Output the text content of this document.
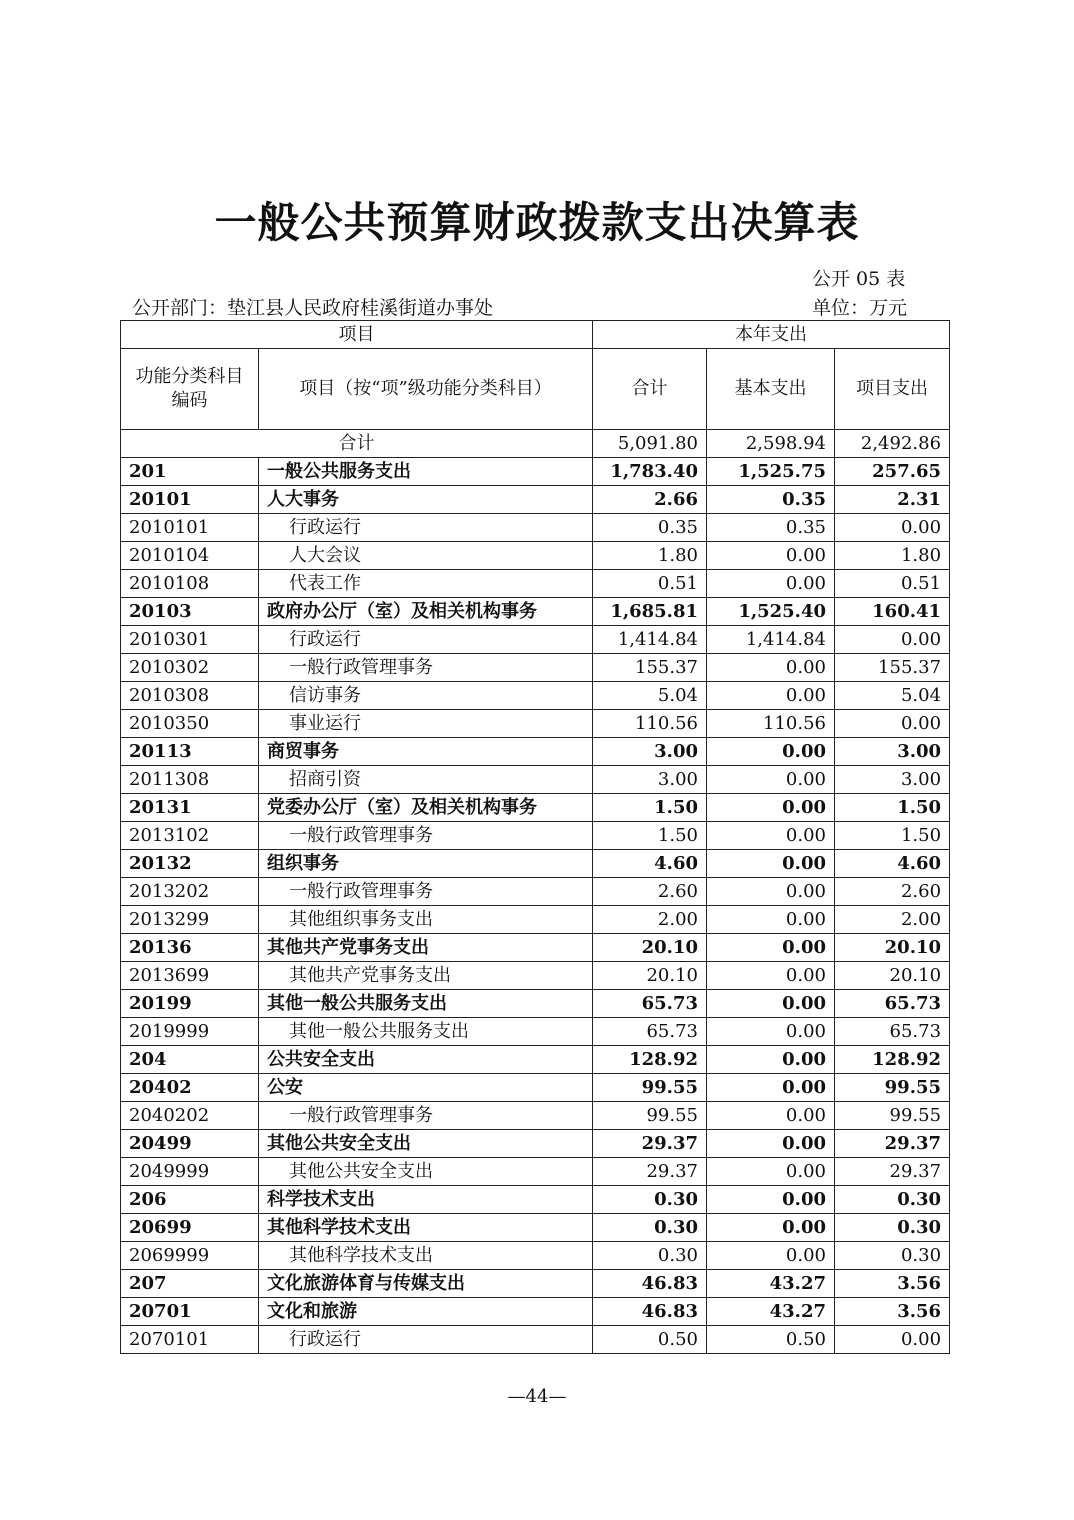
一般公共预算财政拨款支出决算表
公开 05 表
公开部门：垫江县人民政府桂溪街道办事处	单位：万元
项目		本年支出		
功能分类科目编码	项目（按“项”级功能分类科目）	合计	基本支出	项目支出
合计		5,091.80	2,598.94	2,492.86
201	一般公共服务支出	1,783.40	1,525.75	257.65
20101	人大事务	2.66	0.35	2.31
2010101	行政运行	0.35	0.35	0.00
2010104	人大会议	1.80	0.00	1.80
2010108	代表工作	0.51	0.00	0.51
20103	政府办公厅（室）及相关机构事务	1,685.81	1,525.40	160.41
2010301	行政运行	1,414.84	1,414.84	0.00
2010302	一般行政管理事务	155.37	0.00	155.37
2010308	信访事务	5.04	0.00	5.04
2010350	事业运行	110.56	110.56	0.00
20113	商贸事务	3.00	0.00	3.00
2011308	招商引资	3.00	0.00	3.00
20131	党委办公厅（室）及相关机构事务	1.50	0.00	1.50
2013102	一般行政管理事务	1.50	0.00	1.50
20132	组织事务	4.60	0.00	4.60
2013202	一般行政管理事务	2.60	0.00	2.60
2013299	其他组织事务支出	2.00	0.00	2.00
20136	其他共产党事务支出	20.10	0.00	20.10
2013699	其他共产党事务支出	20.10	0.00	20.10
20199	其他一般公共服务支出	65.73	0.00	65.73
2019999	其他一般公共服务支出	65.73	0.00	65.73
204	公共安全支出	128.92	0.00	128.92
20402	公安	99.55	0.00	99.55
2040202	一般行政管理事务	99.55	0.00	99.55
20499	其他公共安全支出	29.37	0.00	29.37
2049999	其他公共安全支出	29.37	0.00	29.37
206	科学技术支出	0.30	0.00	0.30
20699	其他科学技术支出	0.30	0.00	0.30
2069999	其他科学技术支出	0.30	0.00	0.30
207	文化旅游体育与传媒支出	46.83	43.27	3.56
20701	文化和旅游	46.83	43.27	3.56
2070101	行政运行	0.50	0.50	0.00
—44—
